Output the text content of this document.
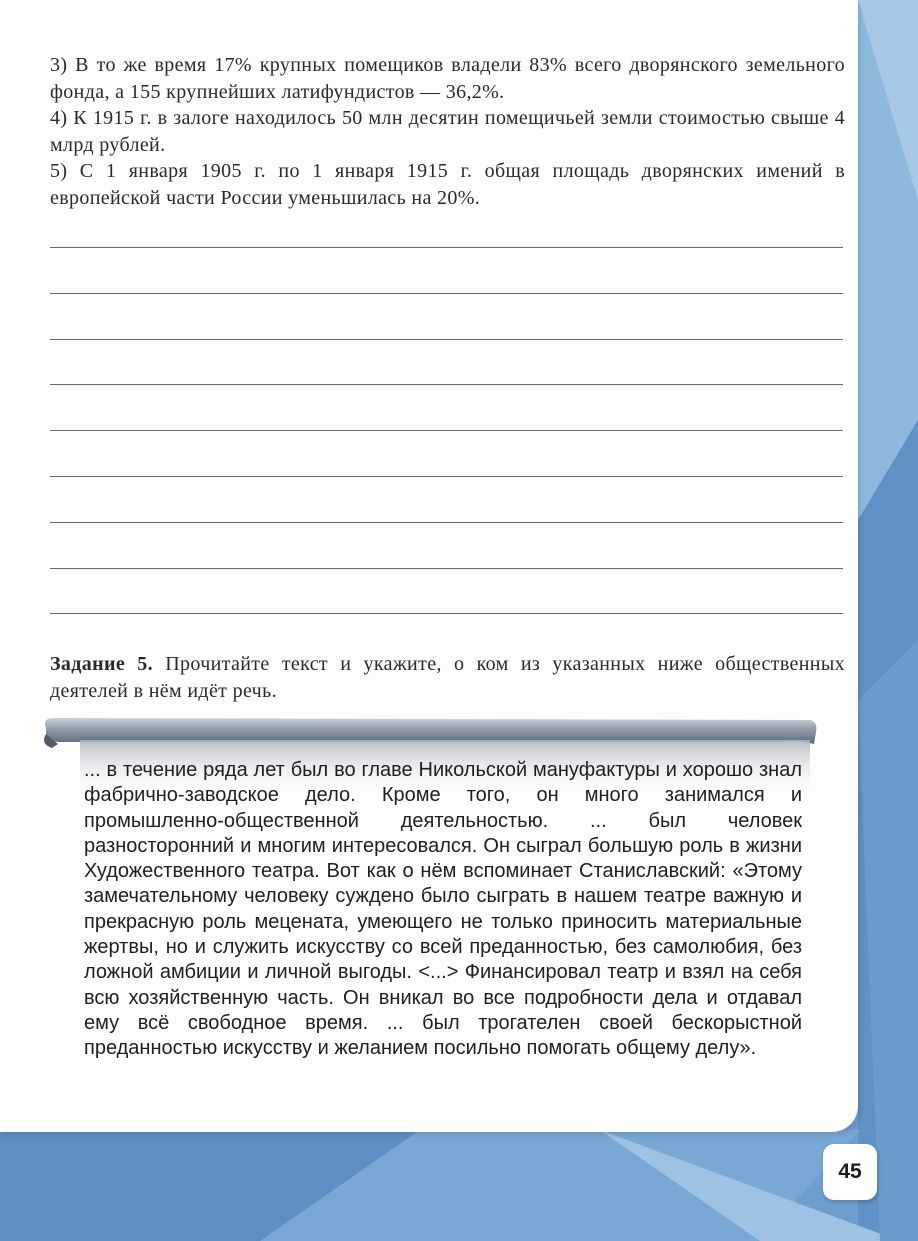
3) В то же время 17% крупных помещиков владели 83% всего дворянского земельного фонда, а 155 крупнейших латифундистов — 36,2%.

4) К 1915 г. в залоге находилось 50 млн десятин помещичьей земли стоимостью свыше 4 млрд рублей.

5) С 1 января 1905 г. по 1 января 1915 г. общая площадь дворянских имений в европейской части России уменьшилась на 20%.

Задание 5. Прочитайте текст и укажите, о ком из указанных ниже общественных деятелей в нём идёт речь.
... в течение ряда лет был во главе Никольской мануфактуры и хорошо знал фабрично-заводское дело. Кроме того, он много занимался и промышленно-общественной деятельностью. ... был человек разносторонний и многим интересовался. Он сыграл большую роль в жизни Художественного театра. Вот как о нём вспоминает Станиславский: «Этому замечательному человеку суждено было сыграть в нашем театре важную и прекрасную роль мецената, умеющего не только приносить материальные жертвы, но и служить искусству со всей преданностью, без самолюбия, без ложной амбиции и личной выгоды. <...> Финансировал театр и взял на себя всю хозяйственную часть. Он вникал во все подробности дела и отдавал ему всё свободное время. ... был трогателен своей бескорыстной преданностью искусству и желанием посильно помогать общему делу».
45
